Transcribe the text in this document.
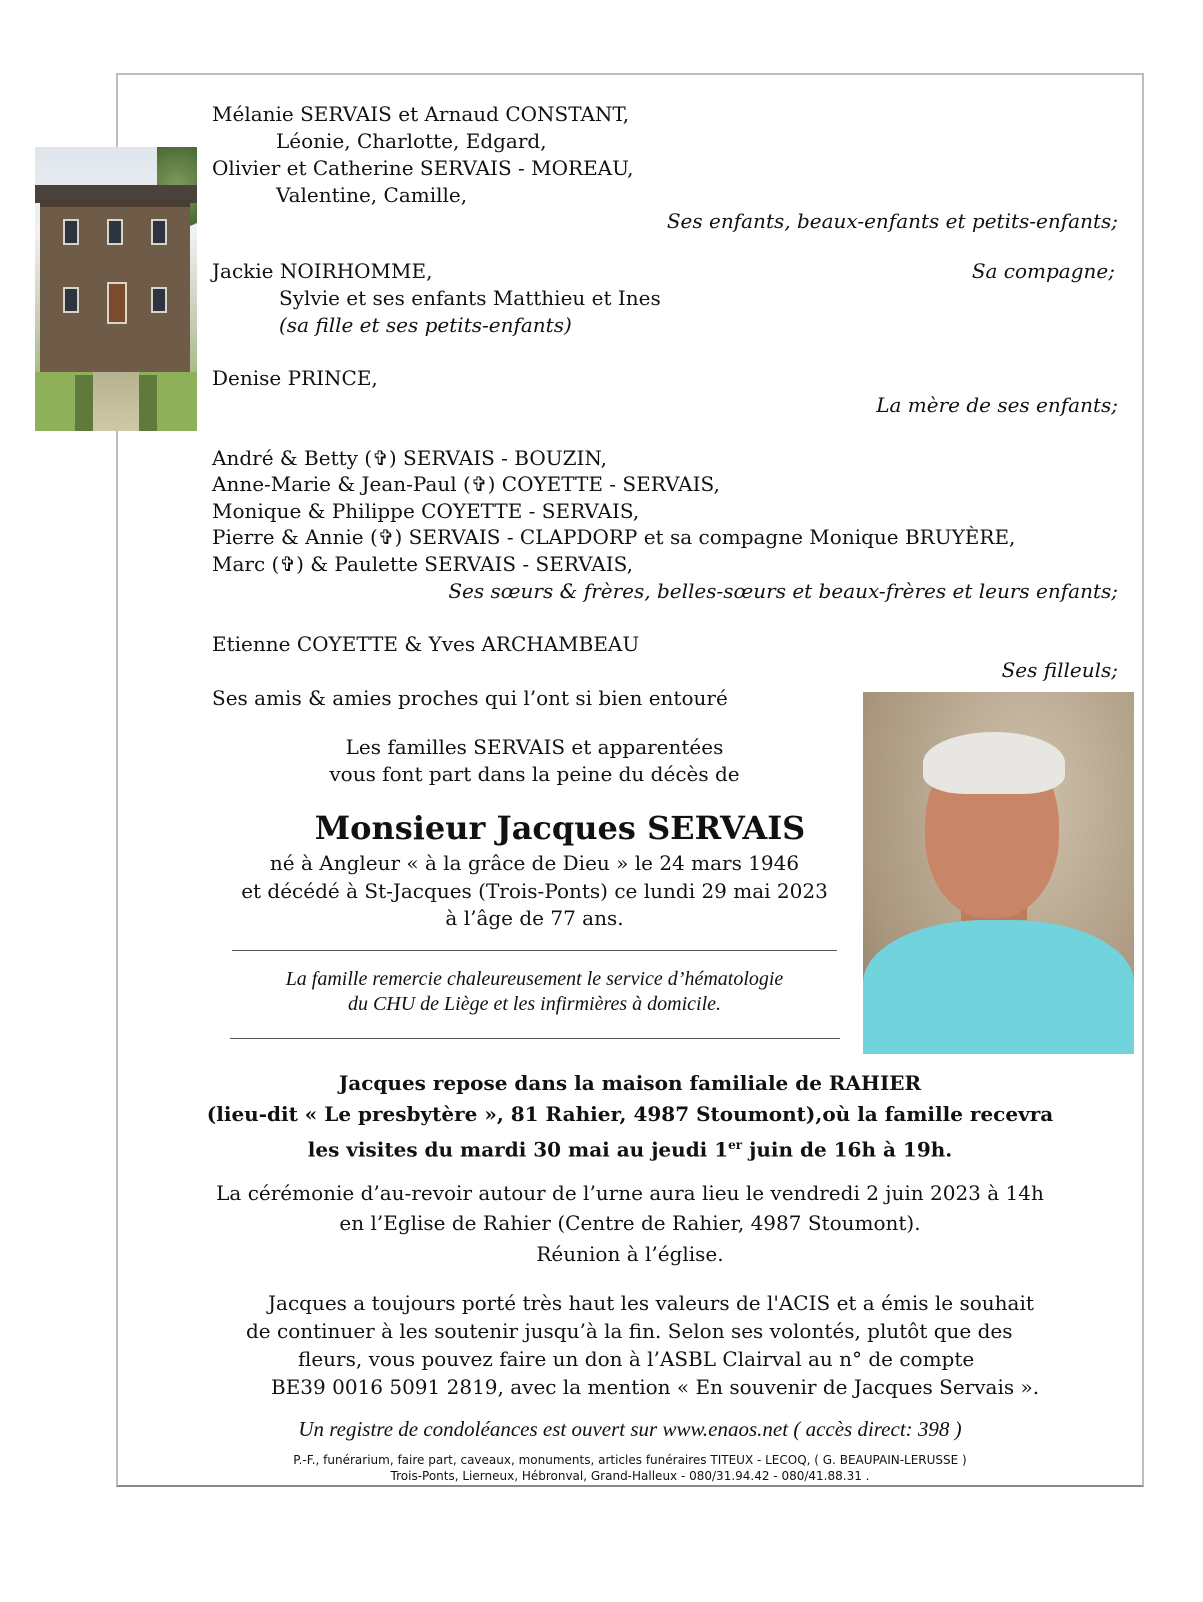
Mélanie SERVAIS et Arnaud CONSTANT,
Léonie, Charlotte, Edgard,
Olivier et Catherine SERVAIS - MOREAU,
Valentine, Camille,
Ses enfants, beaux-enfants et petits-enfants;
Jackie NOIRHOMME,	Sa compagne;
Sylvie et ses enfants Matthieu et Ines
(sa fille et ses petits-enfants)
Denise PRINCE,
La mère de ses enfants;
André & Betty (✞) SERVAIS - BOUZIN,
Anne-Marie & Jean-Paul (✞) COYETTE - SERVAIS,
Monique & Philippe COYETTE - SERVAIS,
Pierre & Annie (✞) SERVAIS - CLAPDORP et sa compagne Monique BRUYÈRE,
Marc (✞) & Paulette SERVAIS - SERVAIS,
Ses sœurs & frères, belles-sœurs et beaux-frères et leurs enfants;
Etienne COYETTE & Yves ARCHAMBEAU
Ses filleuls;
Ses amis & amies proches qui l’ont si bien entouré
Les familles SERVAIS et apparentées
vous font part dans la peine du décès de
Monsieur Jacques SERVAIS
né à Angleur « à la grâce de Dieu » le 24 mars 1946
et décédé à St-Jacques (Trois-Ponts) ce lundi 29 mai 2023
à l’âge de 77 ans.
La famille remercie chaleureusement le service d’hématologie
du CHU de Liège et les infirmières à domicile.
Jacques repose dans la maison familiale de RAHIER
(lieu-dit « Le presbytère », 81 Rahier, 4987 Stoumont),où la famille recevra
les visites du mardi 30 mai au jeudi 1er juin de 16h à 19h.
La cérémonie d’au-revoir autour de l’urne aura lieu le vendredi 2 juin 2023 à 14h
en l’Eglise de Rahier (Centre de Rahier, 4987 Stoumont).
Réunion à l’église.
Jacques a toujours porté très haut les valeurs de l'ACIS et a émis le souhait
de continuer à les soutenir jusqu’à la fin. Selon ses volontés, plutôt que des
fleurs, vous pouvez faire un don à l’ASBL Clairval au n° de compte
BE39 0016 5091 2819, avec la mention « En souvenir de Jacques Servais ».
Un registre de condoléances est ouvert sur www.enaos.net ( accès direct: 398 )
P.-F., funérarium, faire part, caveaux, monuments, articles funéraires TITEUX - LECOQ, ( G. BEAUPAIN-LERUSSE )
Trois-Ponts, Lierneux, Hébronval, Grand-Halleux - 080/31.94.42 - 080/41.88.31 .
